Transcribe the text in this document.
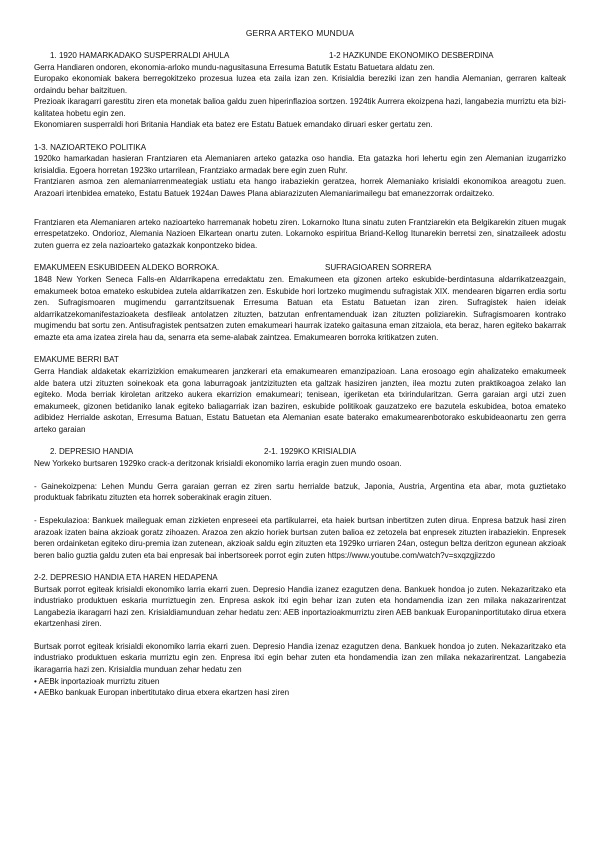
GERRA ARTEKO MUNDUA
1. 1920 HAMARKADAKO SUSPERRALDI AHULA	1-2 HAZKUNDE EKONOMIKO DESBERDINA
Gerra Handiaren ondoren, ekonomia-arloko mundu-nagusitasuna Erresuma Batutik Estatu Batuetara aldatu zen.
Europako ekonomiak bakera berregokitzeko prozesua luzea eta zaila izan zen. Krisialdia bereziki izan zen handia Alemanian, gerraren kalteak ordaindu behar baitzituen.
Prezioak ikaragarri garestitu ziren eta monetak balioa galdu zuen hiperinflazioa sortzen. 1924tik Aurrera ekoizpena hazi, langabezia murriztu eta bizi-kalitatea hobetu egin zen.
Ekonomiaren susperraldi hori Britania Handiak eta batez ere Estatu Batuek emandako diruari esker gertatu zen.
1-3. NAZIOARTEKO POLITIKA
1920ko hamarkadan hasieran Frantziaren eta Alemaniaren arteko gatazka oso handia. Eta gatazka hori lehertu egin zen Alemanian izugarrizko krisialdia. Egoera horretan 1923ko urtarrilean, Frantziako armadak bere egin zuen Ruhr.
Frantziaren asmoa zen alemaniarrenmeategiak ustiatu eta hango irabaziekin geratzea, horrek Alemaniako krisialdi ekonomikoa areagotu zuen. Arazoari irtenbidea emateko, Estatu Batuek 1924an Dawes Plana abiarazizuten Alemaniarimailegu bat emanezzorrak ordaitzeko.
Frantziaren eta Alemaniaren arteko nazioarteko harremanak hobetu ziren. Lokarnoko Ituna sinatu zuten Frantziarekin eta Belgikarekin zituen mugak errespetatzeko. Ondorioz, Alemania Nazioen Elkartean onartu zuten. Lokarnoko espiritua Briand-Kellog Itunarekin berretsi zen, sinatzaileek adostu zuten guerra ez zela nazioarteko gatazkak konpontzeko bidea.
EMAKUMEEN ESKUBIDEEN ALDEKO BORROKA.	SUFRAGIOAREN SORRERA
1848 New Yorken Seneca Falls-en Aldarrikapena erredaktatu zen. Emakumeen eta gizonen arteko eskubide-berdintasuna aldarrikatzeazgain, emakumeek botoa emateko eskubidea zutela aldarrikatzen zen. Eskubide hori lortzeko mugimendu sufragistak XIX. mendearen bigarren erdia sortu zen. Sufragismoaren mugimendu garrantzitsuenak Erresuma Batuan eta Estatu Batuetan izan ziren. Sufragistek haien ideiak aldarrikatzekomanifestazioaketa desfileak antolatzen zituzten, batzutan enfrentamenduak izan zituzten poliziarekin. Sufragismoaren kontrako mugimendu bat sortu zen. Antisufragistek pentsatzen zuten emakumeari haurrak izateko gaitasuna eman zitzaiola, eta beraz, haren egiteko bakarrak emazte eta ama izatea zirela hau da, senarra eta seme-alabak zaintzea. Emakumearen borroka kritikatzen zuten.
EMAKUME BERRI BAT
Gerra Handiak aldaketak ekarrizizkion emakumearen janzkerari eta emakumearen emanzipazioan. Lana erosoago egin ahalizateko emakumeek alde batera utzi zituzten soinekoak eta gona laburragoak jantzizituzten eta galtzak hasiziren janzten, ilea moztu zuten praktikoagoa zelako lan egiteko. Moda berriak kiroletan aritzeko aukera ekarrizion emakumeari; tenisean, igeriketan eta txirindularitzan. Gerra garaian argi utzi zuen emakumeek, gizonen betidaniko lanak egiteko baliagarriak izan baziren, eskubide politikoak gauzatzeko ere bazutela eskubidea, botoa emateko adibidez Herrialde askotan, Erresuma Batuan, Estatu Batuetan eta Alemanian esate baterako emakumearenbotorako eskubideaonartu zen gerra arteko garaian
2. DEPRESIO HANDIA	2-1. 1929KO KRISIALDIA
New Yorkeko burtsaren 1929ko crack-a deritzonak krisialdi ekonomiko larria eragin zuen mundo osoan.
- Gainekoizpena: Lehen Mundu Gerra garaian gerran ez ziren sartu herrialde batzuk, Japonia, Austria, Argentina eta abar, mota guztietako produktuak fabrikatu zituzten eta horrek soberakinak eragin zituen.
- Espekulazioa: Bankuek maileguak eman zizkieten enpreseei eta partikularrei, eta haiek burtsan inbertitzen zuten dirua. Enpresa batzuk hasi ziren arazoak izaten baina akzioak goratz zihoazen. Arazoa zen akzio horiek burtsan zuten balioa ez zetozela bat enpresek zituzten irabaziekin. Enpresek beren ordainketan egiteko diru-premia izan zutenean, akzioak saldu egin zituzten eta 1929ko urriaren 24an, ostegun beltza deritzon egunean akzioak beren balio guztia galdu zuten eta bai enpresak bai inbertsoreek porrot egin zuten https://www.youtube.com/watch?v=sxqzgjizzdo
2-2. DEPRESIO HANDIA ETA HAREN HEDAPENA
Burtsak porrot egiteak krisialdi ekonomiko larria ekarri zuen. Depresio Handia izanez ezagutzen dena. Bankuek hondoa jo zuten. Nekazaritzako eta industriako produktuen eskaria murriztuegin zen. Enpresa askok itxi egin behar izan zuten eta hondamendia izan zen milaka nakazarirentzat Langabezia ikaragarri hazi zen. Krisialdiamunduan zehar hedatu zen: AEB inportazioakmurriztu ziren AEB bankuak Europaninportitutako dirua etxera ekartzenhasi ziren.
Burtsak porrot egiteak krisialdi ekonomiko larria ekarri zuen. Depresio Handia izenaz ezagutzen dena. Bankuek hondoa jo zuten. Nekazaritzako eta industriako produktuen eskaria murriztu egin zen. Enpresa itxi egin behar zuten eta hondamendia izan zen milaka nekazarirentzat. Langabezia ikaragarria hazi zen. Krisialdia munduan zehar hedatu zen
• AEBk inportazioak murriztu zituen
• AEBko bankuak Europan inbertitutako dirua etxera ekartzen hasi ziren
